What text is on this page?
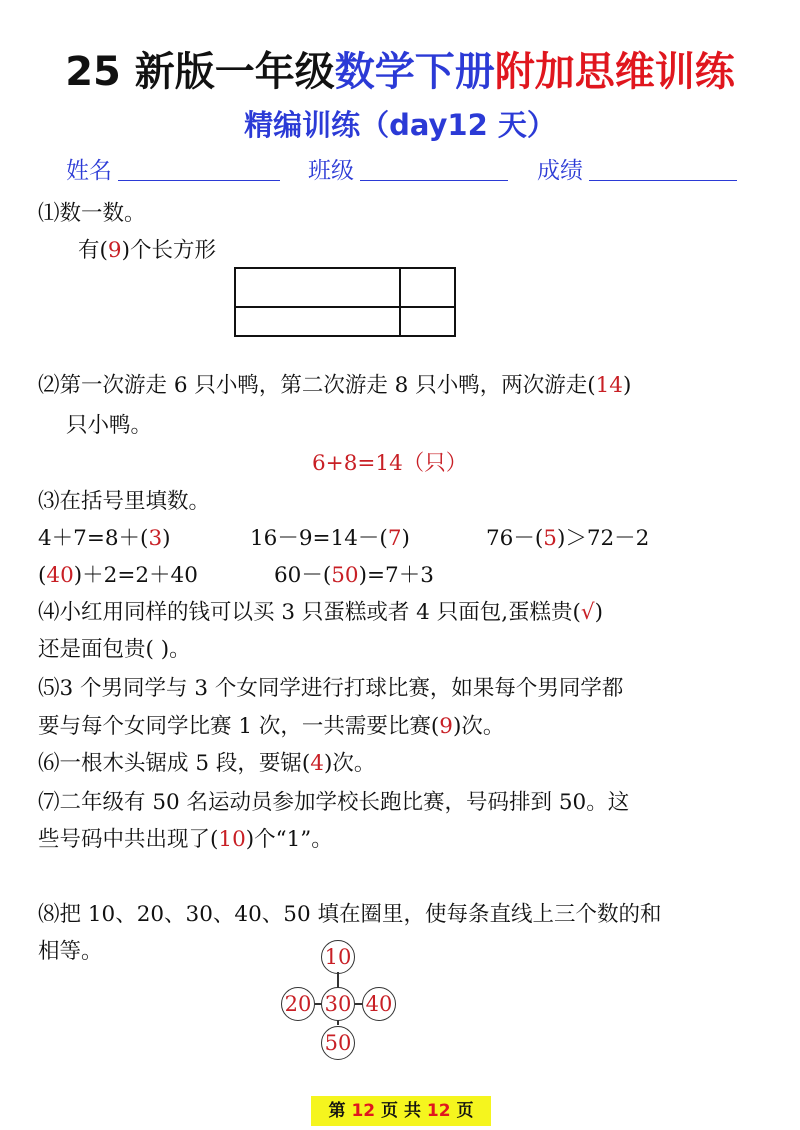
25 新版一年级数学下册附加思维训练
精编训练（day12 天）
姓名	班级	成绩
⑴数一数。
有(9)个长方形
⑵第一次游走 6 只小鸭，第二次游走 8 只小鸭，两次游走(14)
只小鸭。
6+8=14（只）
⑶在括号里填数。
4＋7=8＋(3)	16－9=14－(7)	76－(5)＞72－2
(40)＋2=2＋40	60－(50)=7＋3
⑷小红用同样的钱可以买 3 只蛋糕或者 4 只面包,蛋糕贵(√)
还是面包贵( )。
⑸3 个男同学与 3 个女同学进行打球比赛，如果每个男同学都
要与每个女同学比赛 1 次，一共需要比赛(9)次。
⑹一根木头锯成 5 段，要锯(4)次。
⑺二年级有 50 名运动员参加学校长跑比赛，号码排到 50。这
些号码中共出现了(10)个“1”。
⑻把 10、20、30、40、50 填在圈里，使每条直线上三个数的和
相等。	10
20 30 40
50
第 12 页 共 12 页
